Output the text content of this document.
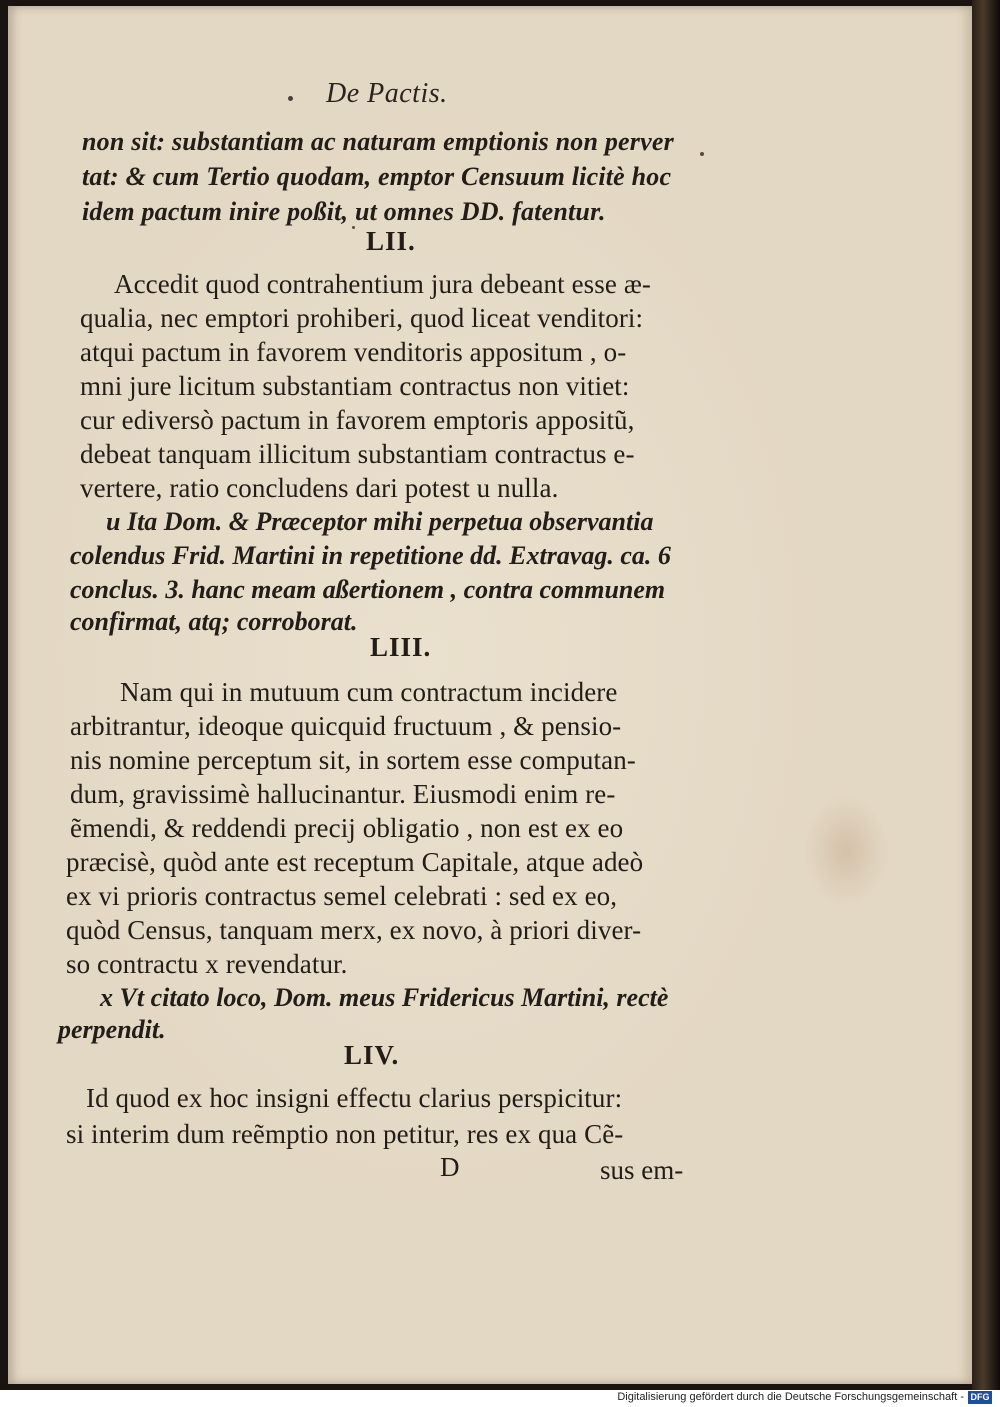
De Pactis.
non sit: substantiam ac naturam emptionis non perver
tat: & cum Tertio quodam, emptor Censuum licitè hoc
idem pactum inire poßit, ut omnes DD. fatentur.
LII.
Accedit quod contrahentium jura debeant esse æ-
qualia, nec emptori prohiberi, quod liceat venditori:
atqui pactum in favorem venditoris appositum , o-
mni jure licitum substantiam contractus non vitiet:
cur ediversò pactum in favorem emptoris appositũ,
debeat tanquam illicitum substantiam contractus e-
vertere, ratio concludens dari potest u nulla.
u Ita Dom. & Præceptor mihi perpetua observantia
colendus Frid. Martini in repetitione dd. Extravag. ca. 6
conclus. 3. hanc meam aßertionem , contra communem
confirmat, atq; corroborat.
LIII.
Nam qui in mutuum cum contractum incidere
arbitrantur, ideoque quicquid fructuum , & pensio-
nis nomine perceptum sit, in sortem esse computan-
dum, gravissimè hallucinantur. Eiusmodi enim re-
ẽmendi, & reddendi precij obligatio , non est ex eo
præcisè, quòd ante est receptum Capitale, atque adeò
ex vi prioris contractus semel celebrati : sed ex eo,
quòd Census, tanquam merx, ex novo, à priori diver-
so contractu x revendatur.
x Vt citato loco, Dom. meus Fridericus Martini, rectè
perpendit.
LIV.
Id quod ex hoc insigni effectu clarius perspicitur:
si interim dum reẽmptio non petitur, res ex qua Cẽ-
D	sus em-
Digitalisierung gefördert durch die Deutsche Forschungsgemeinschaft - DFG
